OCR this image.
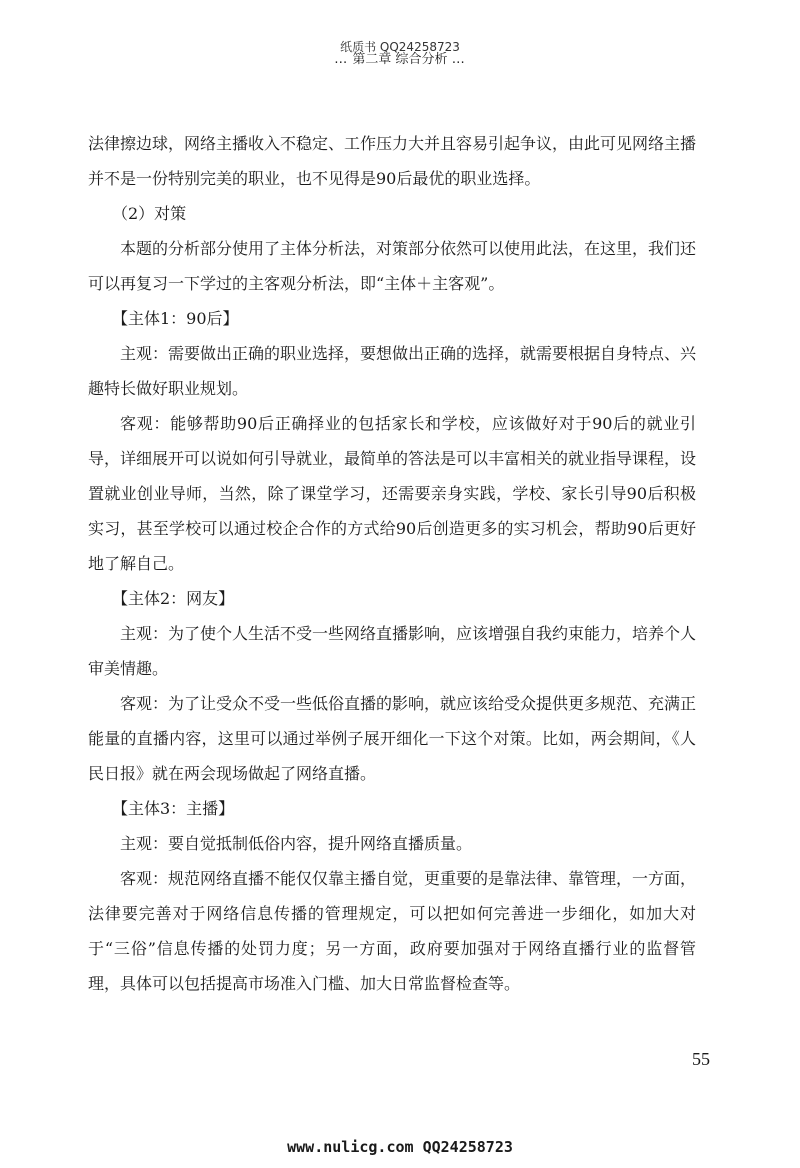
纸质书 QQ24258723
… 第二章 综合分析 …

法律擦边球，网络主播收入不稳定、工作压力大并且容易引起争议，由此可见网络主播并不是一份特别完美的职业，也不见得是90后最优的职业选择。

（2）对策

本题的分析部分使用了主体分析法，对策部分依然可以使用此法，在这里，我们还可以再复习一下学过的主客观分析法，即“主体＋主客观”。

【主体1：90后】

主观：需要做出正确的职业选择，要想做出正确的选择，就需要根据自身特点、兴趣特长做好职业规划。

客观：能够帮助90后正确择业的包括家长和学校，应该做好对于90后的就业引导，详细展开可以说如何引导就业，最简单的答法是可以丰富相关的就业指导课程，设置就业创业导师，当然，除了课堂学习，还需要亲身实践，学校、家长引导90后积极实习，甚至学校可以通过校企合作的方式给90后创造更多的实习机会，帮助90后更好地了解自己。

【主体2：网友】

主观：为了使个人生活不受一些网络直播影响，应该增强自我约束能力，培养个人审美情趣。

客观：为了让受众不受一些低俗直播的影响，就应该给受众提供更多规范、充满正能量的直播内容，这里可以通过举例子展开细化一下这个对策。比如，两会期间，《人民日报》就在两会现场做起了网络直播。

【主体3：主播】

主观：要自觉抵制低俗内容，提升网络直播质量。

客观：规范网络直播不能仅仅靠主播自觉，更重要的是靠法律、靠管理，一方面，法律要完善对于网络信息传播的管理规定，可以把如何完善进一步细化，如加大对于“三俗”信息传播的处罚力度；另一方面，政府要加强对于网络直播行业的监督管理，具体可以包括提高市场准入门槛、加大日常监督检查等。

55
www.nulicg.com QQ24258723
